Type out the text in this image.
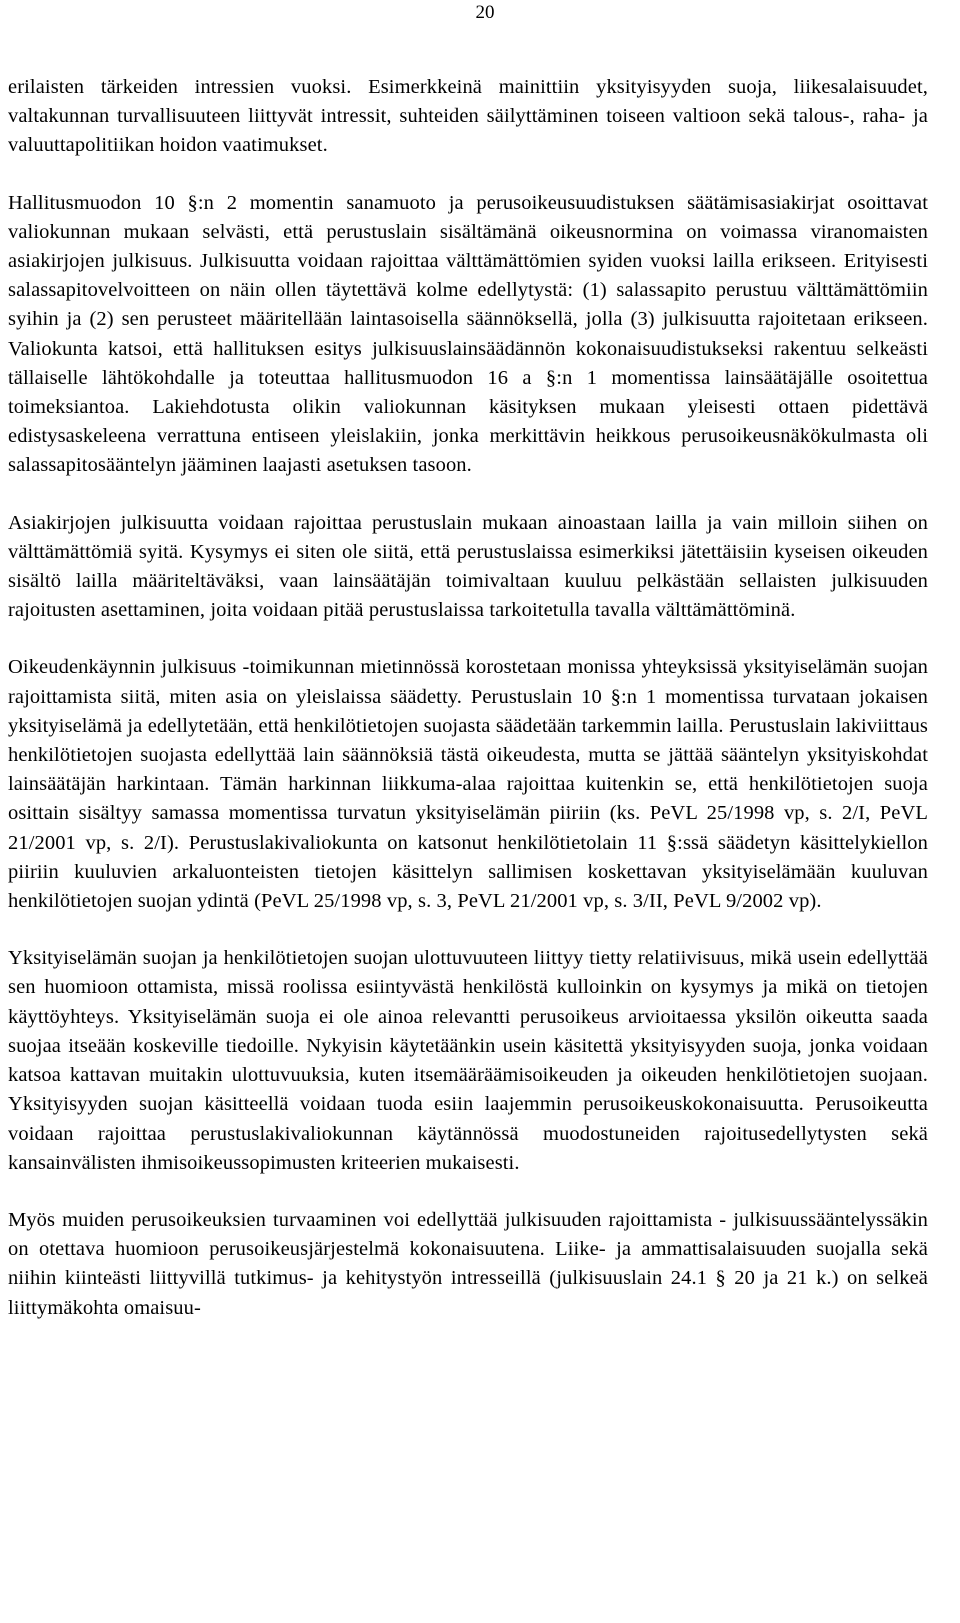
20

erilaisten tärkeiden intressien vuoksi. Esimerkkeinä mainittiin yksityisyyden suoja, liikesalaisuudet, valtakunnan turvallisuuteen liittyvät intressit, suhteiden säilyttäminen toiseen valtioon sekä talous-, raha- ja valuuttapolitiikan hoidon vaatimukset.

Hallitusmuodon 10 §:n 2 momentin sanamuoto ja perusoikeusuudistuksen säätämisasiakirjat osoittavat valiokunnan mukaan selvästi, että perustuslain sisältämänä oikeusnormina on voimassa viranomaisten asiakirjojen julkisuus. Julkisuutta voidaan rajoittaa välttämättömien syiden vuoksi lailla erikseen. Erityisesti salassapitovelvoitteen on näin ollen täytettävä kolme edellytystä: (1) salassapito perustuu välttämättömiin syihin ja (2) sen perusteet määritellään laintasoisella säännöksellä, jolla (3) julkisuutta rajoitetaan erikseen. Valiokunta katsoi, että hallituksen esitys julkisuuslainsäädännön kokonaisuudistukseksi rakentuu selkeästi tällaiselle lähtökohdalle ja toteuttaa hallitusmuodon 16 a §:n 1 momentissa lainsäätäjälle osoitettua toimeksiantoa. Lakiehdotusta olikin valiokunnan käsityksen mukaan yleisesti ottaen pidettävä edistysaskeleena verrattuna entiseen yleislakiin, jonka merkittävin heikkous perusoikeusnäkökulmasta oli salassapitosääntelyn jääminen laajasti asetuksen tasoon.

Asiakirjojen julkisuutta voidaan rajoittaa perustuslain mukaan ainoastaan lailla ja vain milloin siihen on välttämättömiä syitä. Kysymys ei siten ole siitä, että perustuslaissa esimerkiksi jätettäisiin kyseisen oikeuden sisältö lailla määriteltäväksi, vaan lainsäätäjän toimivaltaan kuuluu pelkästään sellaisten julkisuuden rajoitusten asettaminen, joita voidaan pitää perustuslaissa tarkoitetulla tavalla välttämättöminä.

Oikeudenkäynnin julkisuus -toimikunnan mietinnössä korostetaan monissa yhteyksissä yksityiselämän suojan rajoittamista siitä, miten asia on yleislaissa säädetty. Perustuslain 10 §:n 1 momentissa turvataan jokaisen yksityiselämä ja edellytetään, että henkilötietojen suojasta säädetään tarkemmin lailla. Perustuslain lakiviittaus henkilötietojen suojasta edellyttää lain säännöksiä tästä oikeudesta, mutta se jättää sääntelyn yksityiskohdat lainsäätäjän harkintaan. Tämän harkinnan liikkuma-alaa rajoittaa kuitenkin se, että henkilötietojen suoja osittain sisältyy samassa momentissa turvatun yksityiselämän piiriin (ks. PeVL 25/1998 vp, s. 2/I, PeVL 21/2001 vp, s. 2/I). Perustuslakivaliokunta on katsonut henkilötietolain 11 §:ssä säädetyn käsittelykiellon piiriin kuuluvien arkaluonteisten tietojen käsittelyn sallimisen koskettavan yksityiselämään kuuluvan henkilötietojen suojan ydintä (PeVL 25/1998 vp, s. 3, PeVL 21/2001 vp, s. 3/II, PeVL 9/2002 vp).

Yksityiselämän suojan ja henkilötietojen suojan ulottuvuuteen liittyy tietty relatiivisuus, mikä usein edellyttää sen huomioon ottamista, missä roolissa esiintyvästä henkilöstä kulloinkin on kysymys ja mikä on tietojen käyttöyhteys. Yksityiselämän suoja ei ole ainoa relevantti perusoikeus arvioitaessa yksilön oikeutta saada suojaa itseään koskeville tiedoille. Nykyisin käytetäänkin usein käsitettä yksityisyyden suoja, jonka voidaan katsoa kattavan muitakin ulottuvuuksia, kuten itsemääräämisoikeuden ja oikeuden henkilötietojen suojaan. Yksityisyyden suojan käsitteellä voidaan tuoda esiin laajemmin perusoikeuskokonaisuutta. Perusoikeutta voidaan rajoittaa perustuslakivaliokunnan käytännössä muodostuneiden rajoitusedellytysten sekä kansainvälisten ihmisoikeussopimusten kriteerien mukaisesti.

Myös muiden perusoikeuksien turvaaminen voi edellyttää julkisuuden rajoittamista - julkisuussääntelyssäkin on otettava huomioon perusoikeusjärjestelmä kokonaisuutena. Liike- ja ammattisalaisuuden suojalla sekä niihin kiinteästi liittyvillä tutkimus- ja kehitystyön intresseillä (julkisuuslain 24.1 § 20 ja 21 k.) on selkeä liittymäkohta omaisuu-
